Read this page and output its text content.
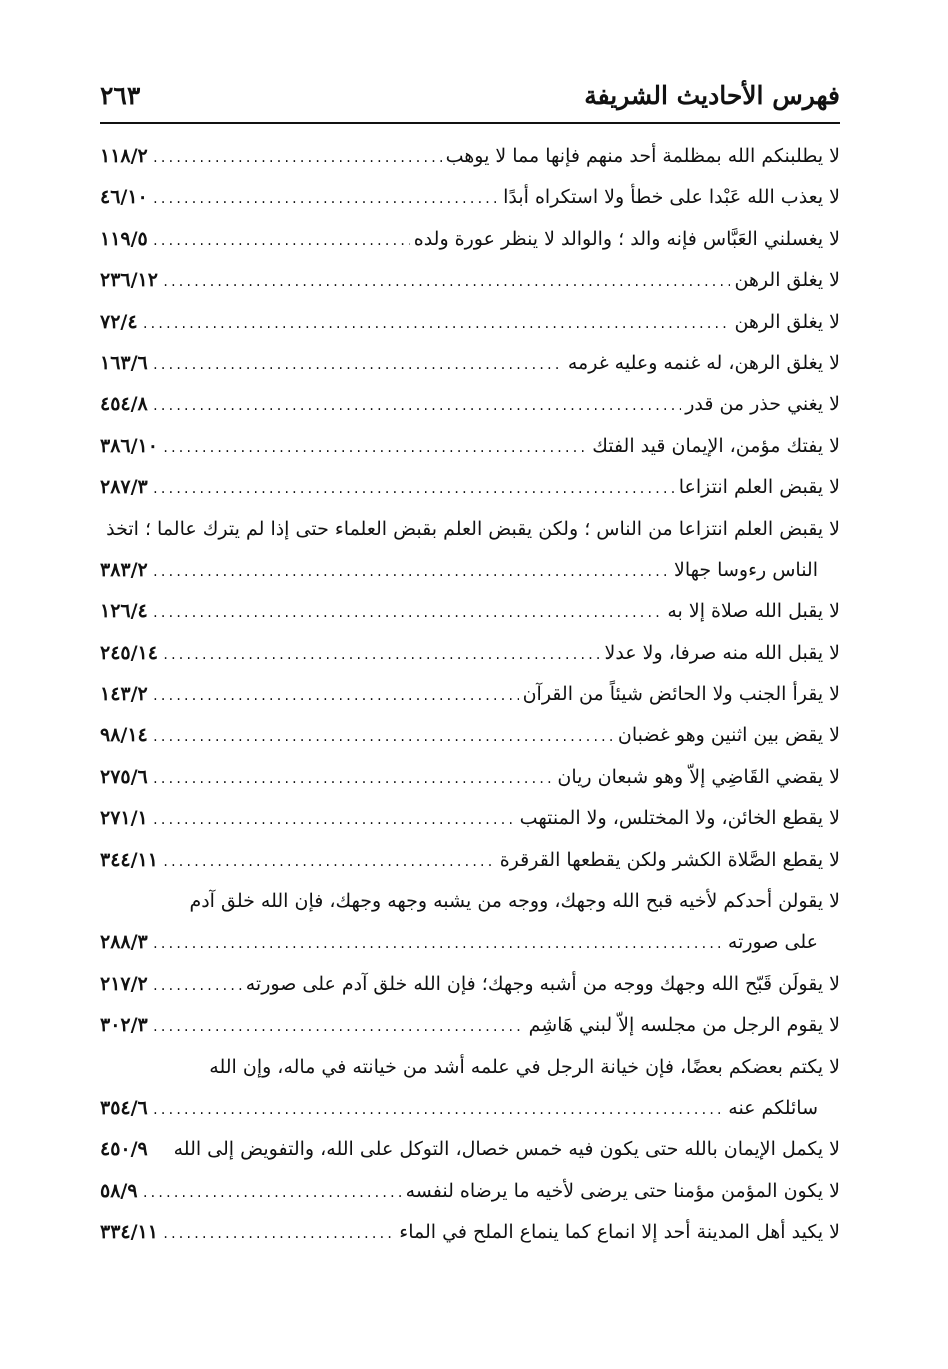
فهرس الأحاديث الشريفة
٢٦٣
لا يطلبنكم الله بمظلمة أحد منهم فإنها مما لا يوهب
.....
١١٨/٢
لا يعذب الله عَبْدا على خطأ ولا استكراه أبدًا
.....
٤٦/١٠
لا يغسلني العَبَّاس فإنه والد ؛ والوالد لا ينظر عورة ولده
.....
١١٩/٥
لا يغلق الرهن
.....
٢٣٦/١٢
لا يغلق الرهن
.....
٧٢/٤
لا يغلق الرهن، له غنمه وعليه غرمه
.....
١٦٣/٦
لا يغني حذر من قدر
.....
٤٥٤/٨
لا يفتك مؤمن، الإيمان قيد الفتك
.....
٣٨٦/١٠
لا يقبض العلم انتزاعا
.....
٢٨٧/٣
لا يقبض العلم انتزاعا من الناس ؛ ولكن يقبض العلم بقبض العلماء حتى إذا لم يترك عالما ؛ اتخذ
الناس رءوسا جهالا
.....
٣٨٣/٢
لا يقبل الله صلاة إلا به
.....
١٢٦/٤
لا يقبل الله منه صرفا، ولا عدلا
.....
٢٤٥/١٤
لا يقرأ الجنب ولا الحائض شيئاً من القرآن
.....
١٤٣/٢
لا يقض بين اثنين وهو غضبان
.....
٩٨/١٤
لا يقضي القَاضِي إلاّ وهو شبعان ريان
.....
٢٧٥/٦
لا يقطع الخائن، ولا المختلس، ولا المنتهب
.....
٢٧١/١
لا يقطع الصَّلاة الكشر ولكن يقطعها القرقرة
.....
٣٤٤/١١
لا يقولن أحدكم لأخيه قبح الله وجهك، ووجه من يشبه وجهه وجهك، فإن الله خلق آدم
على صورته
.....
٢٨٨/٣
لا يقولَن قَبّح الله وجهك ووجه من أشبه وجهك؛ فإن الله خلق آدم على صورته
.....
٢١٧/٢
لا يقوم الرجل من مجلسه إلاّ لبني هَاشِم
.....
٣٠٢/٣
لا يكتم بعضكم بعضًا، فإن خيانة الرجل في علمه أشد من خيانته في ماله، وإن الله
سائلكم عنه
.....
٣٥٤/٦
لا يكمل الإيمان بالله حتى يكون فيه خمس خصال، التوكل على الله، والتفويض إلى الله
٤٥٠/٩
لا يكون المؤمن مؤمنا حتى يرضى لأخيه ما يرضاه لنفسه
.....
٥٨/٩
لا يكيد أهل المدينة أحد إلا انماع كما ينماع الملح في الماء
.....
٣٣٤/١١
